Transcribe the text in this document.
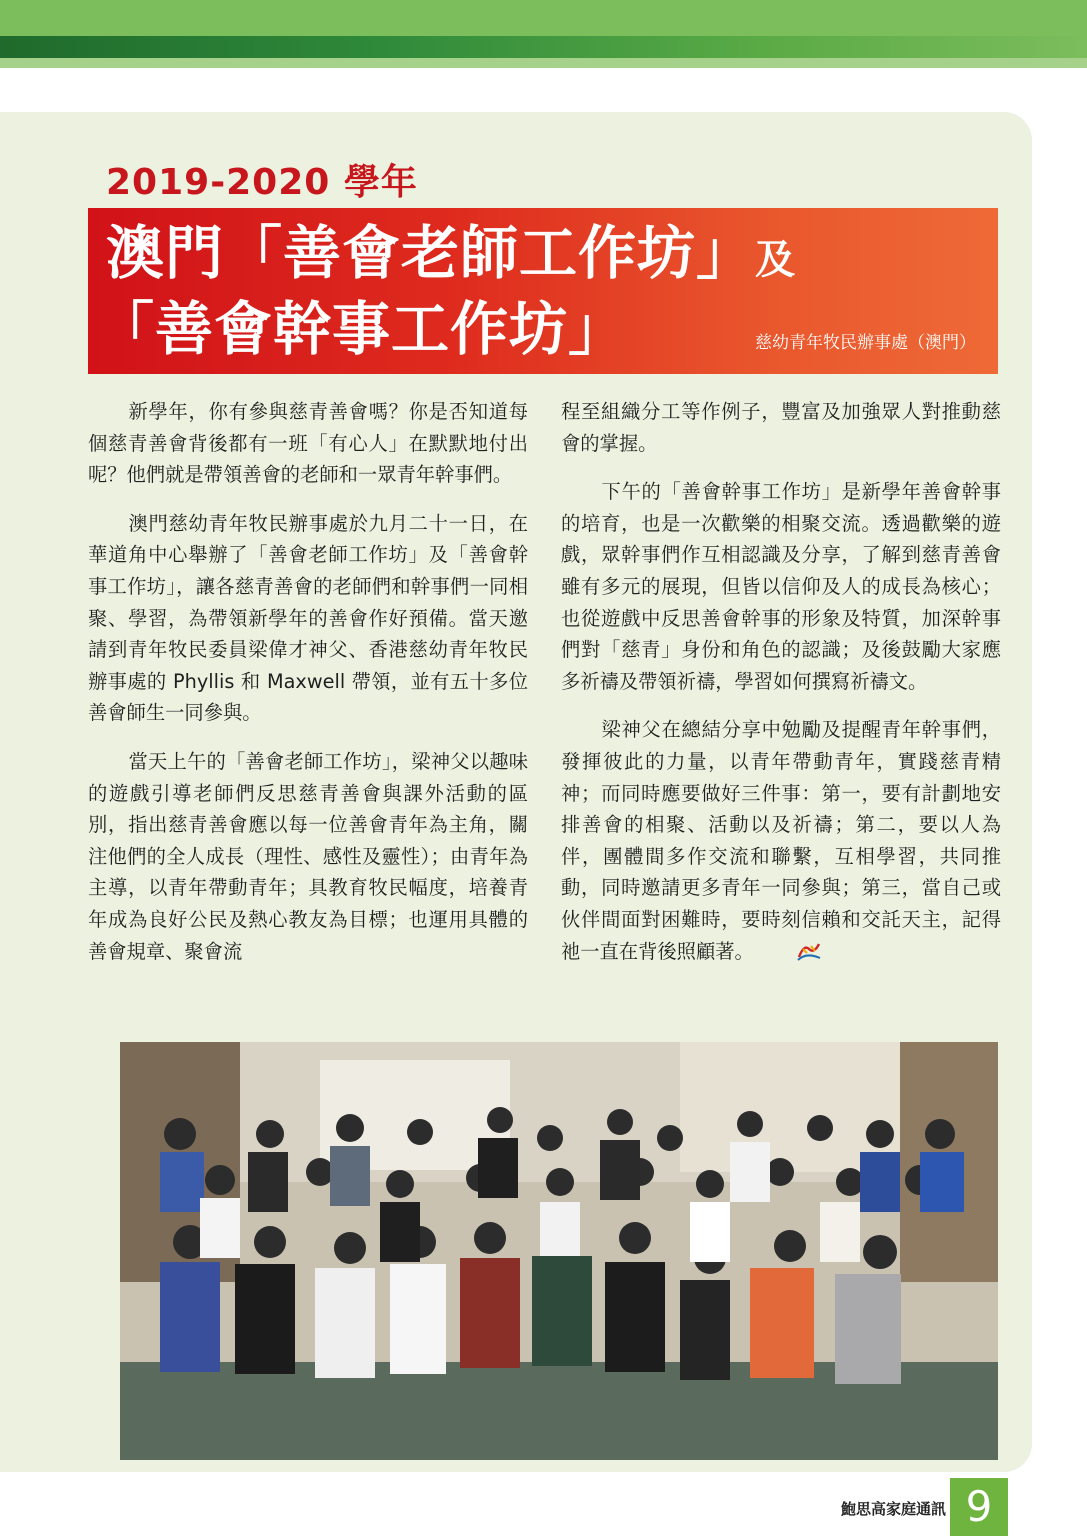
2019-2020 學年
澳門「善會老師工作坊」及
「善會幹事工作坊」	慈幼青年牧民辦事處（澳門）

新學年，你有參與慈青善會嗎？你是否知道每個慈青善會背後都有一班「有心人」在默默地付出呢？他們就是帶領善會的老師和一眾青年幹事們。

澳門慈幼青年牧民辦事處於九月二十一日，在華道角中心舉辦了「善會老師工作坊」及「善會幹事工作坊」，讓各慈青善會的老師們和幹事們一同相聚、學習，為帶領新學年的善會作好預備。當天邀請到青年牧民委員梁偉才神父、香港慈幼青年牧民辦事處的 Phyllis 和 Maxwell 帶領，並有五十多位善會師生一同參與。

當天上午的「善會老師工作坊」，梁神父以趣味的遊戲引導老師們反思慈青善會與課外活動的區別，指出慈青善會應以每一位善會青年為主角，關注他們的全人成長（理性、感性及靈性）；由青年為主導，以青年帶動青年；具教育牧民幅度，培養青年成為良好公民及熱心教友為目標；也運用具體的善會規章、聚會流

程至組織分工等作例子，豐富及加強眾人對推動慈會的掌握。

下午的「善會幹事工作坊」是新學年善會幹事的培育，也是一次歡樂的相聚交流。透過歡樂的遊戲，眾幹事們作互相認識及分享，了解到慈青善會雖有多元的展現，但皆以信仰及人的成長為核心；也從遊戲中反思善會幹事的形象及特質，加深幹事們對「慈青」身份和角色的認識；及後鼓勵大家應多祈禱及帶領祈禱，學習如何撰寫祈禱文。

梁神父在總結分享中勉勵及提醒青年幹事們，發揮彼此的力量，以青年帶動青年，實踐慈青精神；而同時應要做好三件事：第一，要有計劃地安排善會的相聚、活動以及祈禱；第二，要以人為伴，團體間多作交流和聯繫，互相學習，共同推動，同時邀請更多青年一同參與；第三，當自己或伙伴間面對困難時，要時刻信賴和交託天主，記得祂一直在背後照顧著。

鮑思高家庭通訊 9
